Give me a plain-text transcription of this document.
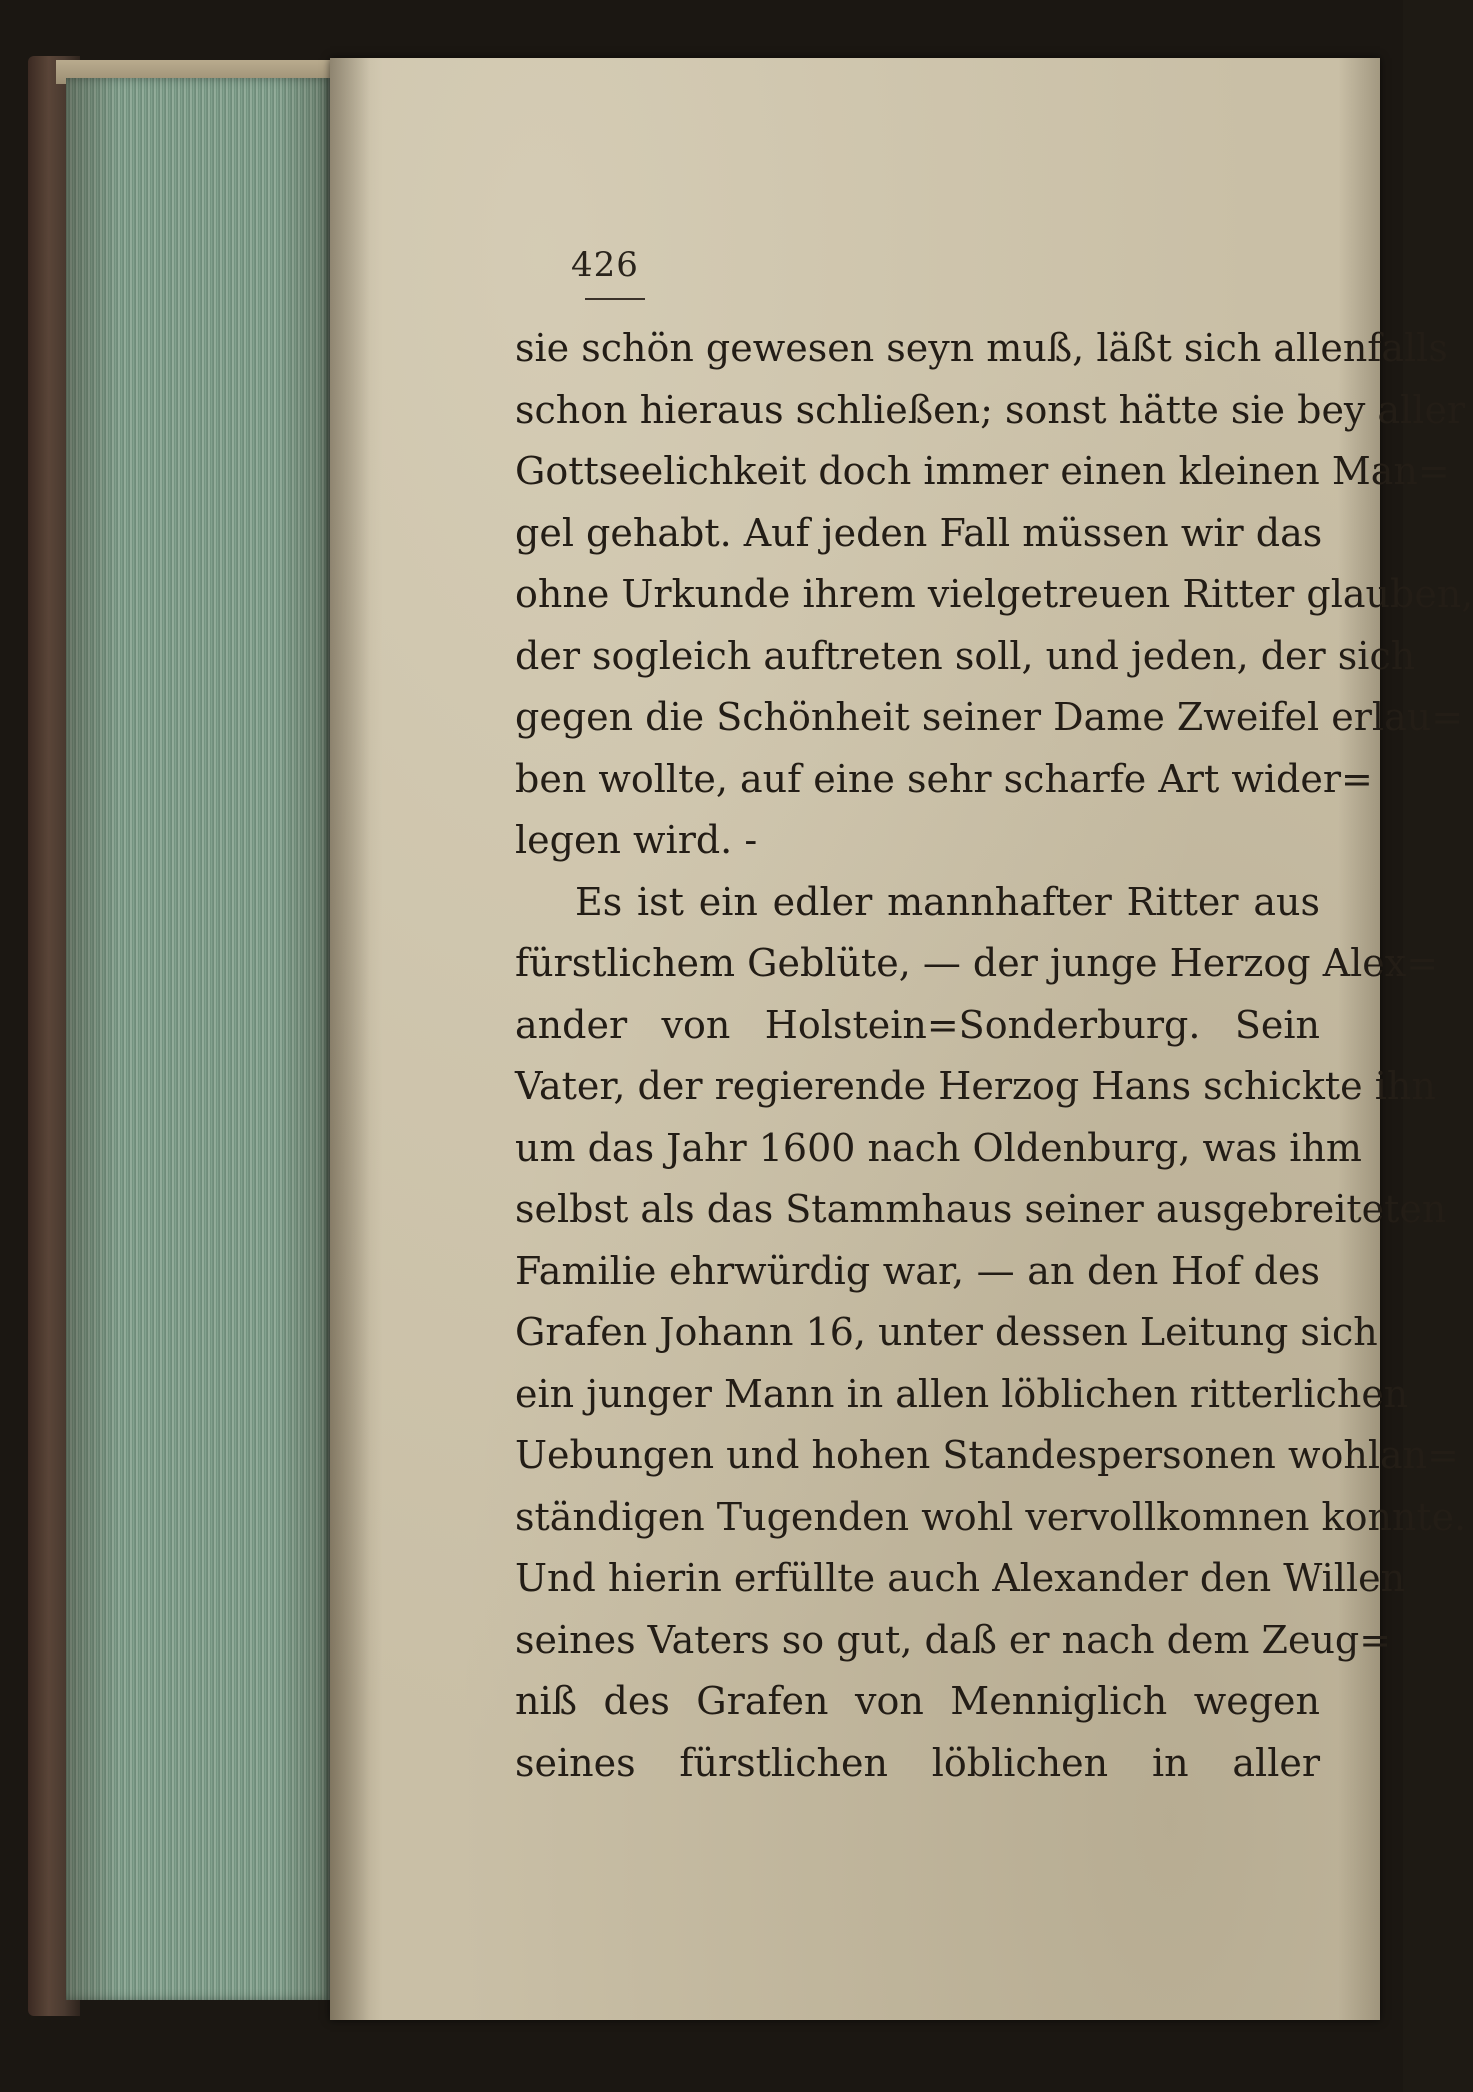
426
sie schön gewesen seyn muß, läßt sich allenfalls
schon hieraus schließen; sonst hätte sie bey aller
Gottseelichkeit doch immer einen kleinen Man=
gel gehabt. Auf jeden Fall müssen wir das
ohne Urkunde ihrem vielgetreuen Ritter glauben,
der sogleich auftreten soll, und jeden, der sich
gegen die Schönheit seiner Dame Zweifel erlau=
ben wollte, auf eine sehr scharfe Art wider=
legen wird. -
Es ist ein edler mannhafter Ritter aus
fürstlichem Geblüte, — der junge Herzog Alex=
ander von Holstein=Sonderburg. Sein
Vater, der regierende Herzog Hans schickte ihn
um das Jahr 1600 nach Oldenburg, was ihm
selbst als das Stammhaus seiner ausgebreiteten
Familie ehrwürdig war, — an den Hof des
Grafen Johann 16, unter dessen Leitung sich
ein junger Mann in allen löblichen ritterlichen
Uebungen und hohen Standespersonen wohlan=
ständigen Tugenden wohl vervollkomnen konnte.
Und hierin erfüllte auch Alexander den Willen
seines Vaters so gut, daß er nach dem Zeug=
niß des Grafen von Menniglich wegen
seines fürstlichen löblichen in aller
